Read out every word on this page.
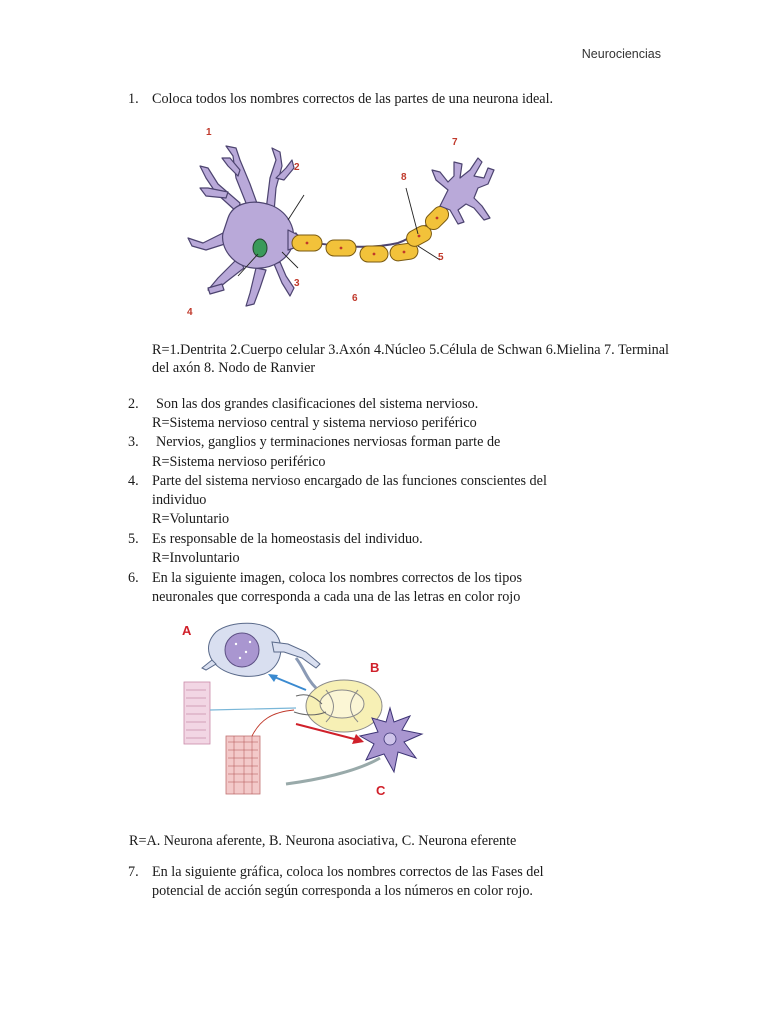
Neurociencias
1. Coloca todos los nombres correctos de las partes de una neurona ideal.
1
2
3
4
5
6
7
8
R=1.Dentrita 2.Cuerpo celular 3.Axón 4.Núcleo 5.Célula de Schwan 6.Mielina 7. Terminal
del axón 8. Nodo de Ranvier
2. Son las dos grandes clasificaciones del sistema nervioso.
R=Sistema nervioso central y sistema nervioso periférico
3. Nervios, ganglios y terminaciones nerviosas forman parte de
R=Sistema nervioso periférico
4. Parte del sistema nervioso encargado de las funciones conscientes del
individuo
R=Voluntario
5. Es responsable de la homeostasis del individuo.
R=Involuntario
6. En la siguiente imagen, coloca los nombres correctos de los tipos
neuronales que corresponda a cada una de las letras en color rojo
A
B
C
R=A. Neurona aferente, B. Neurona asociativa, C. Neurona eferente
7. En la siguiente gráfica, coloca los nombres correctos de las Fases del
potencial de acción según corresponda a los números en color rojo.
